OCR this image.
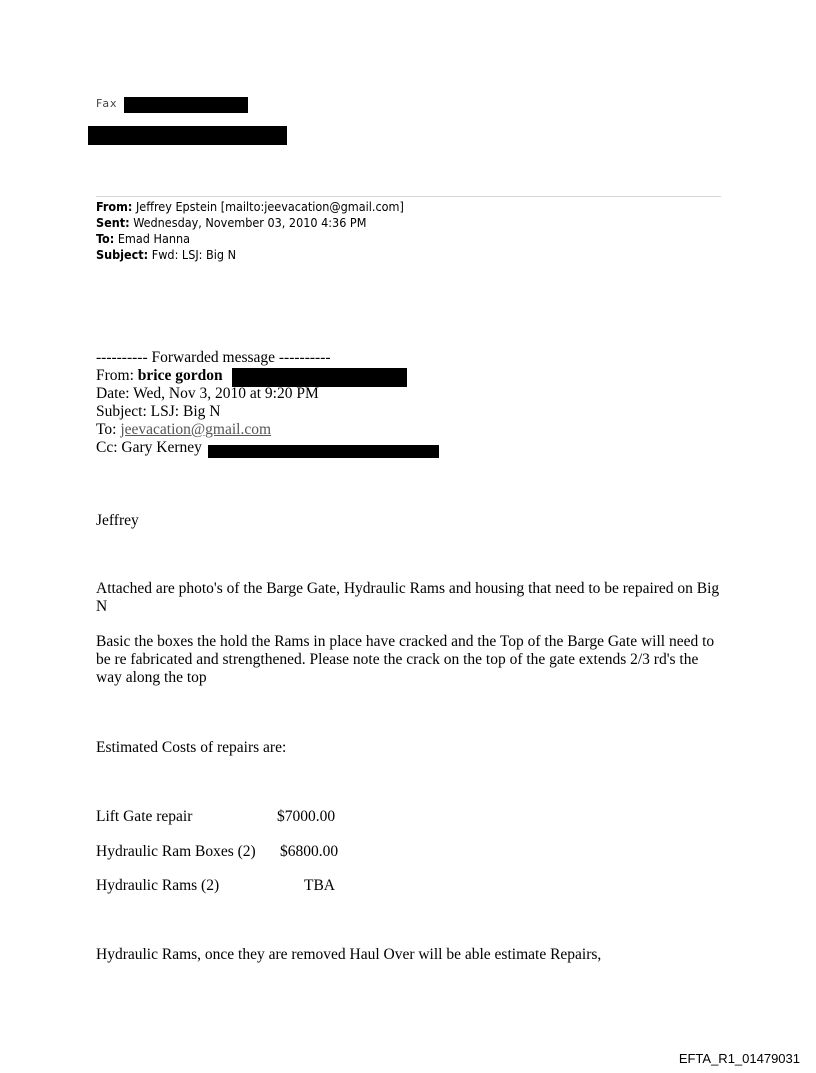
Fax
From: Jeffrey Epstein [mailto:jeevacation@gmail.com]
Sent: Wednesday, November 03, 2010 4:36 PM
To: Emad Hanna
Subject: Fwd: LSJ: Big N
---------- Forwarded message ----------
From: brice gordon
Date: Wed, Nov 3, 2010 at 9:20 PM
Subject: LSJ: Big N
To: jeevacation@gmail.com
Cc: Gary Kerney
Jeffrey
Attached are photo's of the Barge Gate, Hydraulic Rams and housing that need to be repaired on Big N
Basic the boxes the hold the Rams in place have cracked and the Top of the Barge Gate will need to be re fabricated and strengthened. Please note the crack on the top of the gate extends 2/3 rd's the way along the top
Estimated Costs of repairs are:
Lift Gate repair	$7000.00
Hydraulic Ram Boxes (2) $6800.00
Hydraulic Rams (2)	TBA
Hydraulic Rams, once they are removed Haul Over will be able estimate Repairs,
EFTA_R1_01479031
